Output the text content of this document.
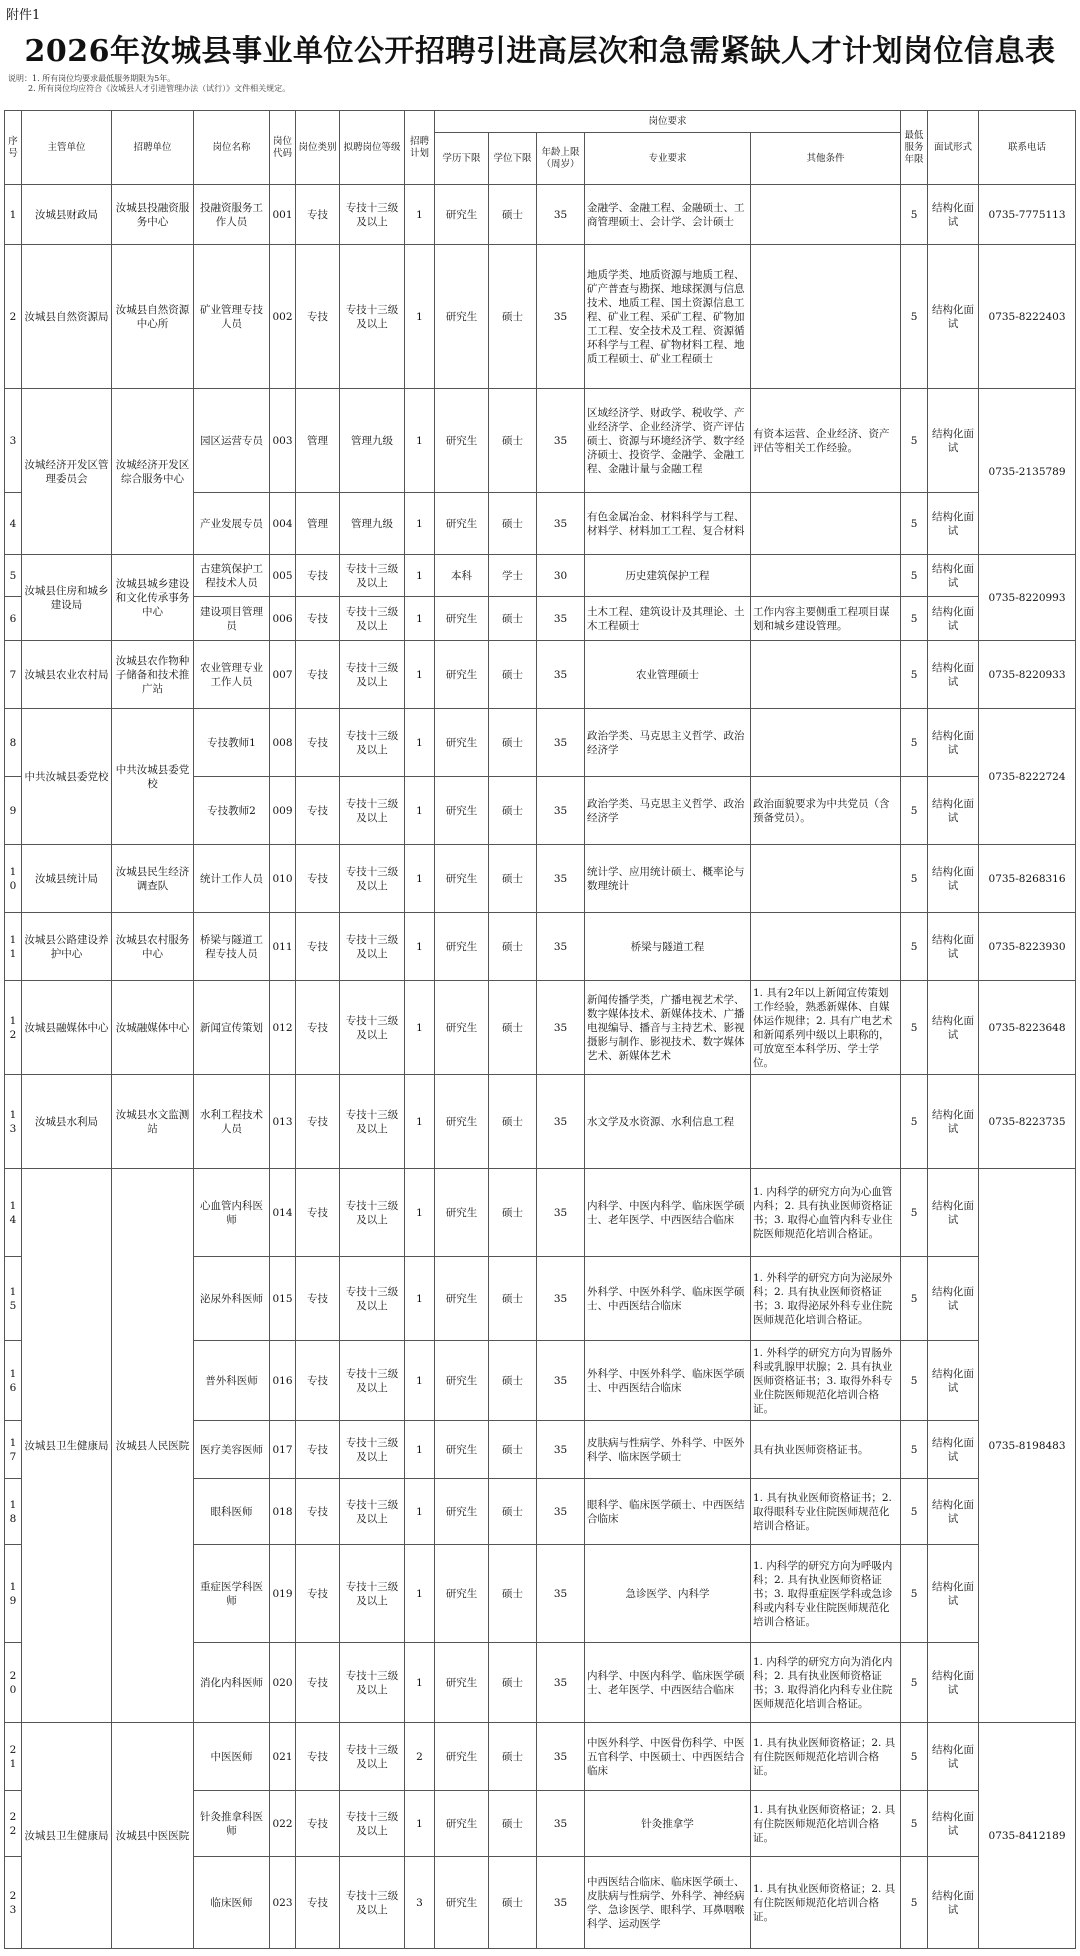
附件1
2026年汝城县事业单位公开招聘引进高层次和急需紧缺人才计划岗位信息表
说明：1. 所有岗位均要求最低服务期限为5年。
2. 所有岗位均应符合《汝城县人才引进管理办法（试行）》文件相关规定。
序号	主管单位	招聘单位	岗位名称	岗位代码	岗位类别	拟聘岗位等级	招聘计划	岗位要求					最低服务年限	面试形式	联系电话
								学历下限	学位下限	年龄上限（周岁）	专业要求	其他条件			
1	汝城县财政局	汝城县投融资服务中心	投融资服务工作人员	001	专技	专技十三级及以上	1	研究生	硕士	35	金融学、金融工程、金融硕士、工商管理硕士、会计学、会计硕士		5	结构化面试	0735-7775113
2	汝城县自然资源局	汝城县自然资源中心所	矿业管理专技人员	002	专技	专技十三级及以上	1	研究生	硕士	35	地质学类、地质资源与地质工程、矿产普查与勘探、地球探测与信息技术、地质工程、国土资源信息工程、矿业工程、采矿工程、矿物加工工程、安全技术及工程、资源循环科学与工程、矿物材料工程、地质工程硕士、矿业工程硕士		5	结构化面试	0735-8222403
3	汝城经济开发区管理委员会	汝城经济开发区综合服务中心	园区运营专员	003	管理	管理九级	1	研究生	硕士	35	区域经济学、财政学、税收学、产业经济学、企业经济学、资产评估硕士、资源与环境经济学、数字经济硕士、投资学、金融学、金融工程、金融计量与金融工程	有资本运营、企业经济、资产评估等相关工作经验。	5	结构化面试	0735-2135789
4			产业发展专员	004	管理	管理九级	1	研究生	硕士	35	有色金属冶金、材料科学与工程、材料学、材料加工工程、复合材料		5	结构化面试	
5	汝城县住房和城乡建设局	汝城县城乡建设和文化传承事务中心	古建筑保护工程技术人员	005	专技	专技十三级及以上	1	本科	学士	30	历史建筑保护工程		5	结构化面试	0735-8220993
6			建设项目管理员	006	专技	专技十三级及以上	1	研究生	硕士	35	土木工程、建筑设计及其理论、土木工程硕士	工作内容主要侧重工程项目谋划和城乡建设管理。	5	结构化面试	
7	汝城县农业农村局	汝城县农作物种子储备和技术推广站	农业管理专业工作人员	007	专技	专技十三级及以上	1	研究生	硕士	35	农业管理硕士		5	结构化面试	0735-8220933
8	中共汝城县委党校	中共汝城县委党校	专技教师1	008	专技	专技十三级及以上	1	研究生	硕士	35	政治学类、马克思主义哲学、政治经济学		5	结构化面试	0735-8222724
9			专技教师2	009	专技	专技十三级及以上	1	研究生	硕士	35	政治学类、马克思主义哲学、政治经济学	政治面貌要求为中共党员（含预备党员）。	5	结构化面试	
10	汝城县统计局	汝城县民生经济调查队	统计工作人员	010	专技	专技十三级及以上	1	研究生	硕士	35	统计学、应用统计硕士、概率论与数理统计		5	结构化面试	0735-8268316
11	汝城县公路建设养护中心	汝城县农村服务中心	桥梁与隧道工程专技人员	011	专技	专技十三级及以上	1	研究生	硕士	35	桥梁与隧道工程		5	结构化面试	0735-8223930
12	汝城县融媒体中心	汝城融媒体中心	新闻宣传策划	012	专技	专技十三级及以上	1	研究生	硕士	35	新闻传播学类，广播电视艺术学、数字媒体技术、新媒体技术、广播电视编导、播音与主持艺术、影视摄影与制作、影视技术、数字媒体艺术、新媒体艺术	1. 具有2年以上新闻宣传策划工作经验，熟悉新媒体、自媒体运作规律；2. 具有广电艺术和新闻系列中级以上职称的，可放宽至本科学历、学士学位。	5	结构化面试	0735-8223648
13	汝城县水利局	汝城县水文监测站	水利工程技术人员	013	专技	专技十三级及以上	1	研究生	硕士	35	水文学及水资源、水利信息工程		5	结构化面试	0735-8223735
14	汝城县卫生健康局	汝城县人民医院	心血管内科医师	014	专技	专技十三级及以上	1	研究生	硕士	35	内科学、中医内科学、临床医学硕士、老年医学、中西医结合临床	1. 内科学的研究方向为心血管内科；2. 具有执业医师资格证书；3. 取得心血管内科专业住院医师规范化培训合格证。	5	结构化面试	0735-8198483
15			泌尿外科医师	015	专技	专技十三级及以上	1	研究生	硕士	35	外科学、中医外科学、临床医学硕士、中西医结合临床	1. 外科学的研究方向为泌尿外科；2. 具有执业医师资格证书；3. 取得泌尿外科专业住院医师规范化培训合格证。	5	结构化面试	
16			普外科医师	016	专技	专技十三级及以上	1	研究生	硕士	35	外科学、中医外科学、临床医学硕士、中西医结合临床	1. 外科学的研究方向为胃肠外科或乳腺甲状腺；2. 具有执业医师资格证书；3. 取得外科专业住院医师规范化培训合格证。	5	结构化面试	
17			医疗美容医师	017	专技	专技十三级及以上	1	研究生	硕士	35	皮肤病与性病学、外科学、中医外科学、临床医学硕士	具有执业医师资格证书。	5	结构化面试	
18			眼科医师	018	专技	专技十三级及以上	1	研究生	硕士	35	眼科学、临床医学硕士、中西医结合临床	1. 具有执业医师资格证书；2. 取得眼科专业住院医师规范化培训合格证。	5	结构化面试	
19			重症医学科医师	019	专技	专技十三级及以上	1	研究生	硕士	35	急诊医学、内科学	1. 内科学的研究方向为呼吸内科；2. 具有执业医师资格证书；3. 取得重症医学科或急诊科或内科专业住院医师规范化培训合格证。	5	结构化面试	
20			消化内科医师	020	专技	专技十三级及以上	1	研究生	硕士	35	内科学、中医内科学、临床医学硕士、老年医学、中西医结合临床	1. 内科学的研究方向为消化内科；2. 具有执业医师资格证书；3. 取得消化内科专业住院医师规范化培训合格证。	5	结构化面试	
21	汝城县卫生健康局	汝城县中医医院	中医医师	021	专技	专技十三级及以上	2	研究生	硕士	35	中医外科学、中医骨伤科学、中医五官科学、中医硕士、中西医结合临床	1. 具有执业医师资格证；2. 具有住院医师规范化培训合格证。	5	结构化面试	0735-8412189
22			针灸推拿科医师	022	专技	专技十三级及以上	1	研究生	硕士	35	针灸推拿学	1. 具有执业医师资格证；2. 具有住院医师规范化培训合格证。	5	结构化面试	
23			临床医师	023	专技	专技十三级及以上	3	研究生	硕士	35	中西医结合临床、临床医学硕士、皮肤病与性病学、外科学、神经病学、急诊医学、眼科学、耳鼻咽喉科学、运动医学	1. 具有执业医师资格证；2. 具有住院医师规范化培训合格证。	5	结构化面试	
